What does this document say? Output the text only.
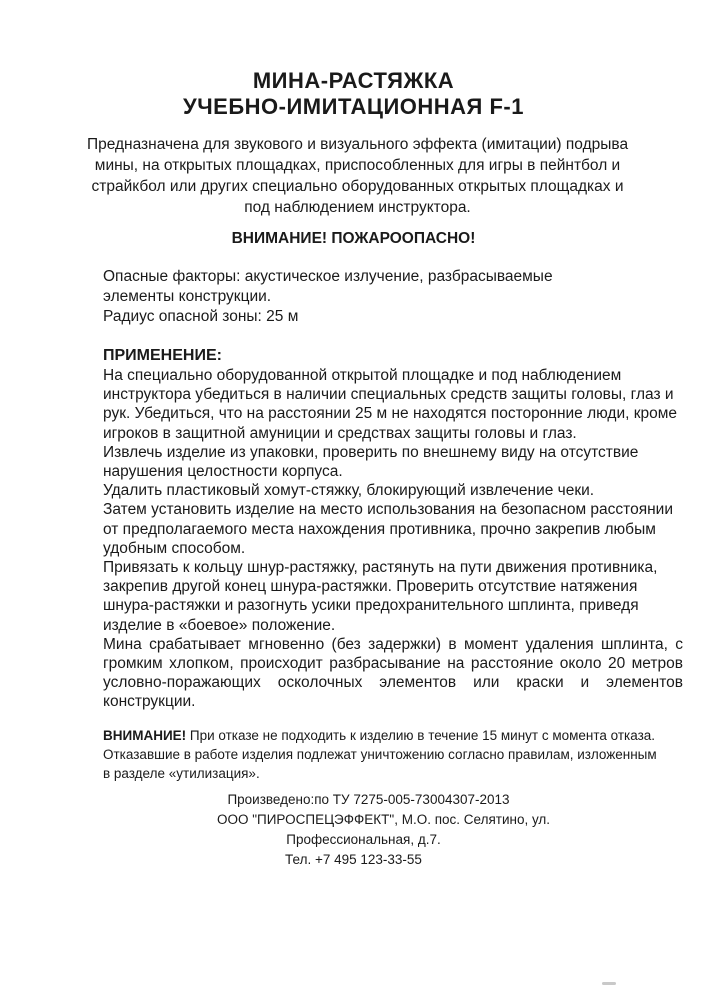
МИНА-РАСТЯЖКА
УЧЕБНО-ИМИТАЦИОННАЯ F-1

Предназначена для звукового и визуального эффекта (имитации) подрыва мины, на открытых площадках, приспособленных для игры в пейнтбол и страйкбол или других специально оборудованных открытых площадках и под наблюдением инструктора.

ВНИМАНИЕ! ПОЖАРООПАСНО!

Опасные факторы: акустическое излучение, разбрасываемые
элементы конструкции.
Радиус опасной зоны: 25 м
ПРИМЕНЕНИЕ:

На специально оборудованной открытой площадке и под наблюдением инструктора убедиться в наличии специальных средств защиты головы, глаз и рук. Убедиться, что на расстоянии 25 м не находятся посторонние люди, кроме игроков в защитной амуниции и средствах защиты головы и глаз.

Извлечь изделие из упаковки, проверить по внешнему виду на отсутствие нарушения целостности корпуса.

Удалить пластиковый хомут-стяжку, блокирующий извлечение чеки.

Затем установить изделие на место использования на безопасном расстоянии от предполагаемого места нахождения противника, прочно закрепив любым удобным способом.

Привязать к кольцу шнур-растяжку, растянуть на пути движения противника, закрепив другой конец шнура-растяжки. Проверить отсутствие натяжения шнура-растяжки и разогнуть усики предохранительного шплинта, приведя изделие в «боевое» положение.

Мина срабатывает мгновенно (без задержки) в момент удаления шплинта, с громким хлопком, происходит разбрасывание на расстояние около 20 метров условно-поражающих осколочных элементов или краски и элементов конструкции.

ВНИМАНИЕ! При отказе не подходить к изделию в течение 15 минут с момента отказа. Отказавшие в работе изделия подлежат уничтожению согласно правилам, изложенным в разделе «утилизация».

Произведено:по ТУ 7275-005-73004307-2013
ООО "ПИРОСПЕЦЭФФЕКТ", М.О. пос. Селятино, ул.
Профессиональная, д.7.
Тел. +7 495 123-33-55
